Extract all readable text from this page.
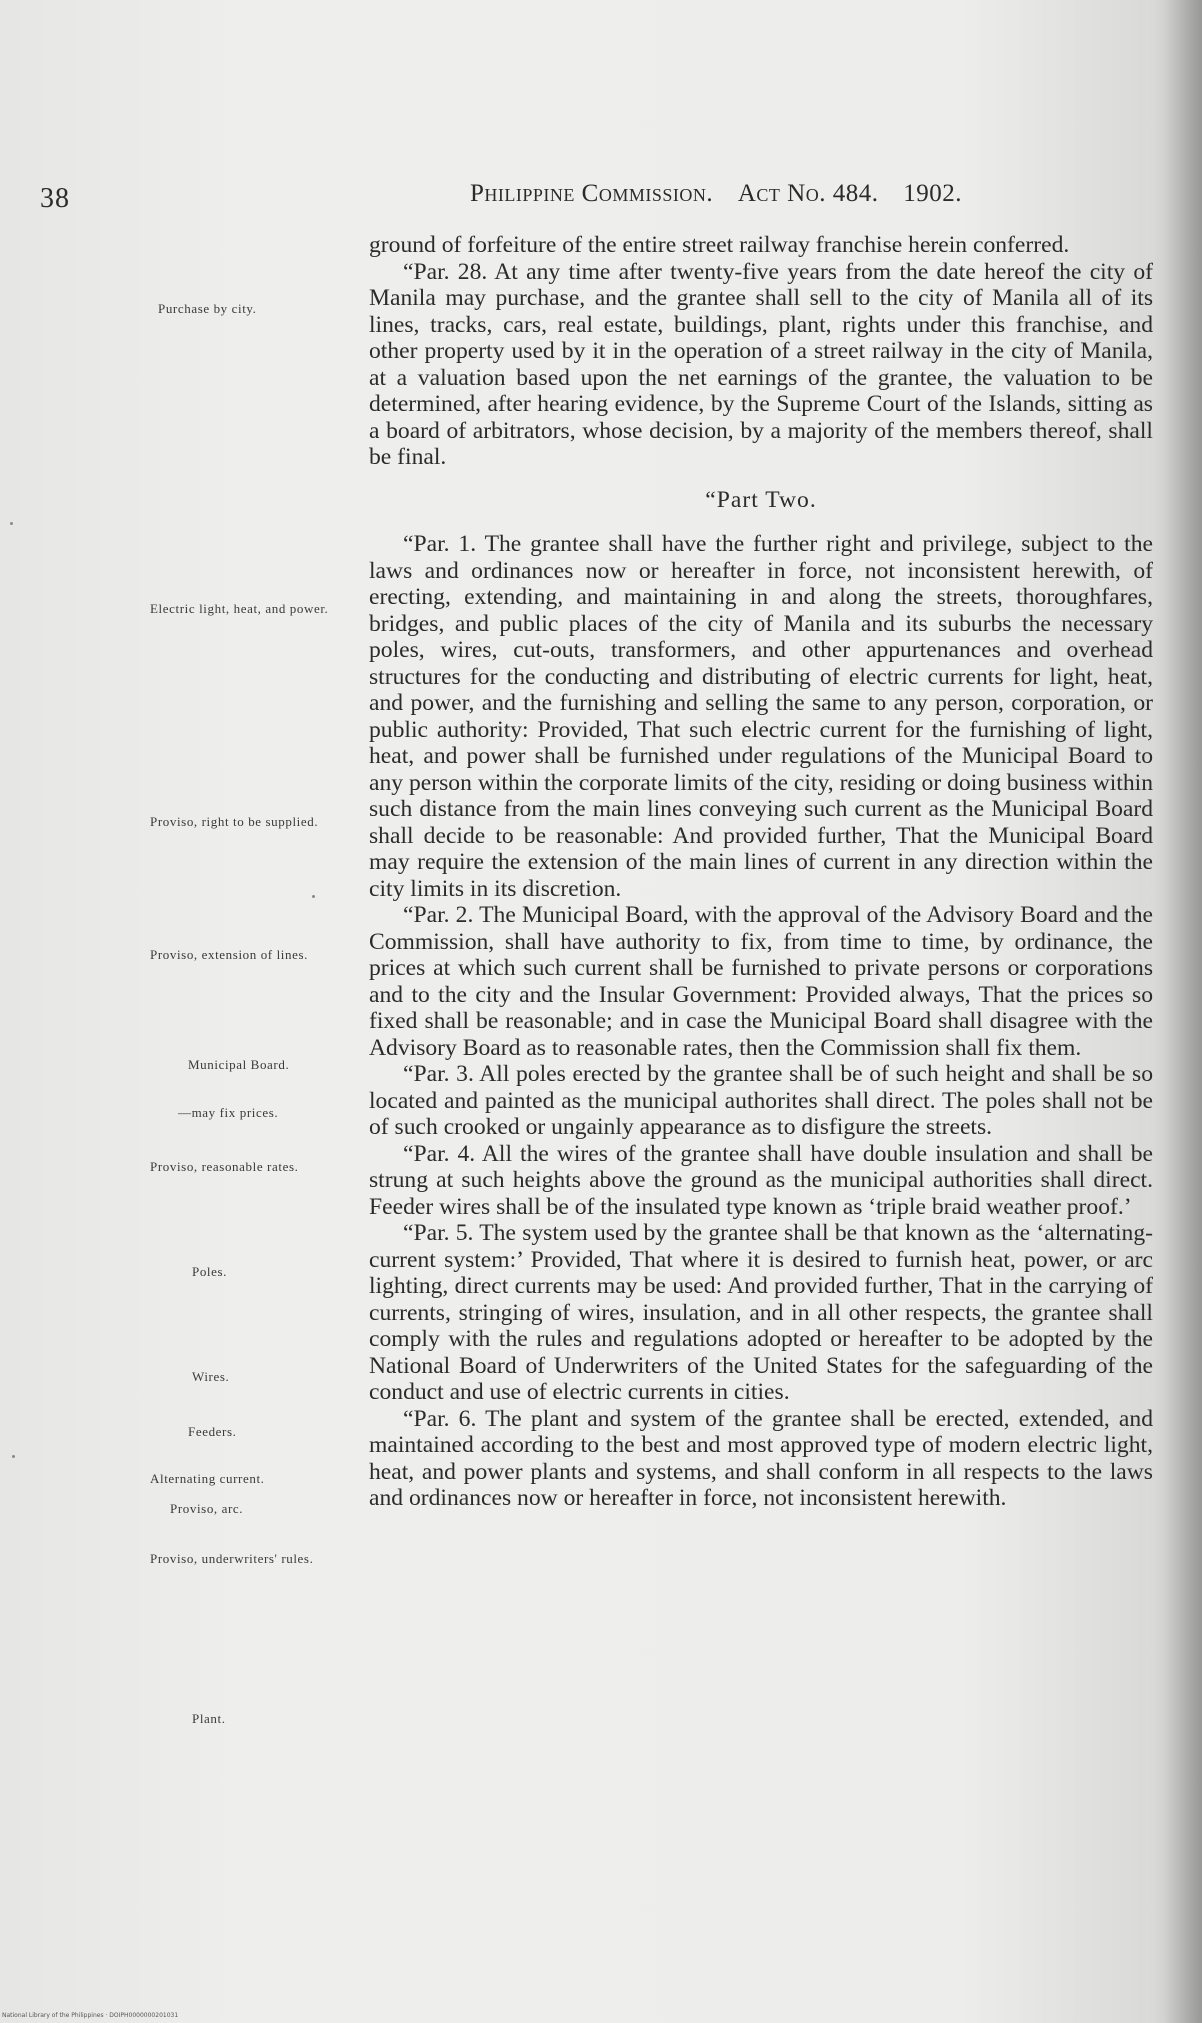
38	Philippine Commission. Act No. 484. 1902.

ground of forfeiture of the entire street railway franchise herein conferred.

“Par. 28. At any time after twenty-five years from the date hereof the city of Manila may purchase, and the grantee shall sell to the city of Manila all of its lines, tracks, cars, real estate, buildings, plant, rights under this franchise, and other property used by it in the operation of a street railway in the city of Manila, at a valuation based upon the net earnings of the grantee, the valuation to be determined, after hearing evidence, by the Supreme Court of the Islands, sitting as a board of arbitrators, whose decision, by a majority of the members thereof, shall be final.

“Part Two.

“Par. 1. The grantee shall have the further right and privilege, subject to the laws and ordinances now or hereafter in force, not inconsistent herewith, of erecting, extending, and maintaining in and along the streets, thoroughfares, bridges, and public places of the city of Manila and its suburbs the necessary poles, wires, cut-outs, transformers, and other appurtenances and overhead structures for the conducting and distributing of electric currents for light, heat, and power, and the furnishing and selling the same to any person, corporation, or public authority: Provided, That such electric current for the furnishing of light, heat, and power shall be furnished under regulations of the Municipal Board to any person within the corporate limits of the city, residing or doing business within such distance from the main lines conveying such current as the Municipal Board shall decide to be reasonable: And provided further, That the Municipal Board may require the extension of the main lines of current in any direction within the city limits in its discretion.

“Par. 2. The Municipal Board, with the approval of the Advisory Board and the Commission, shall have authority to fix, from time to time, by ordinance, the prices at which such current shall be furnished to private persons or corporations and to the city and the Insular Government: Provided always, That the prices so fixed shall be reasonable; and in case the Municipal Board shall disagree with the Advisory Board as to reasonable rates, then the Commission shall fix them.

“Par. 3. All poles erected by the grantee shall be of such height and shall be so located and painted as the municipal authorites shall direct. The poles shall not be of such crooked or ungainly appearance as to disfigure the streets.

“Par. 4. All the wires of the grantee shall have double insulation and shall be strung at such heights above the ground as the municipal authorities shall direct. Feeder wires shall be of the insulated type known as ‘triple braid weather proof.’

“Par. 5. The system used by the grantee shall be that known as the ‘alternating-current system:’ Provided, That where it is desired to furnish heat, power, or arc lighting, direct currents may be used: And provided further, That in the carrying of currents, stringing of wires, insulation, and in all other respects, the grantee shall comply with the rules and regulations adopted or hereafter to be adopted by the National Board of Underwriters of the United States for the safeguarding of the conduct and use of electric currents in cities.

“Par. 6. The plant and system of the grantee shall be erected, extended, and maintained according to the best and most approved type of modern electric light, heat, and power plants and systems, and shall conform in all respects to the laws and ordinances now or hereafter in force, not inconsistent herewith.

Purchase by city.
Electric light, heat, and power.
Proviso, right to be supplied.
Proviso, extension of lines.
Municipal Board.
—may fix prices.
Proviso, reasonable rates.
Poles.
Wires.
Feeders.
Alternating current.
Proviso, arc.
Proviso, underwriters' rules.
Plant.
National Library of the Philippines · DOIPH0000000201031
